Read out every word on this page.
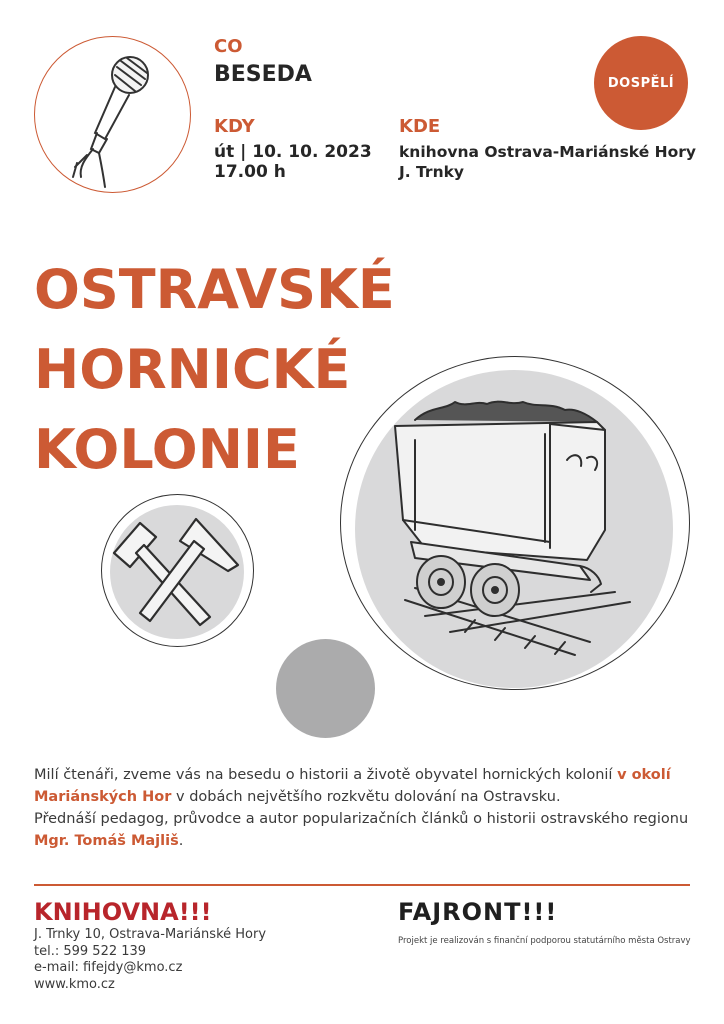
CO
BESEDA
KDY
út | 10. 10. 2023
17.00 h
KDE
knihovna Ostrava-Mariánské Hory
J. Trnky
DOSPĚLÍ
OSTRAVSKÉ
HORNICKÉ
KOLONIE
Milí čtenáři, zveme vás na besedu o historii a životě obyvatel hornických kolonií v okolí Mariánských Hor v dobách největšího rozkvětu dolování na Ostravsku.
Přednáší pedagog, průvodce a autor popularizačních článků o historii ostravského regionu Mgr. Tomáš Majliš.
KNIHOVNA!!!
J. Trnky 10, Ostrava-Mariánské Hory
tel.: 599 522 139
e-mail: fifejdy@kmo.cz
www.kmo.cz
FAJRONT!!!
Projekt je realizován s finanční podporou statutárního města Ostravy
